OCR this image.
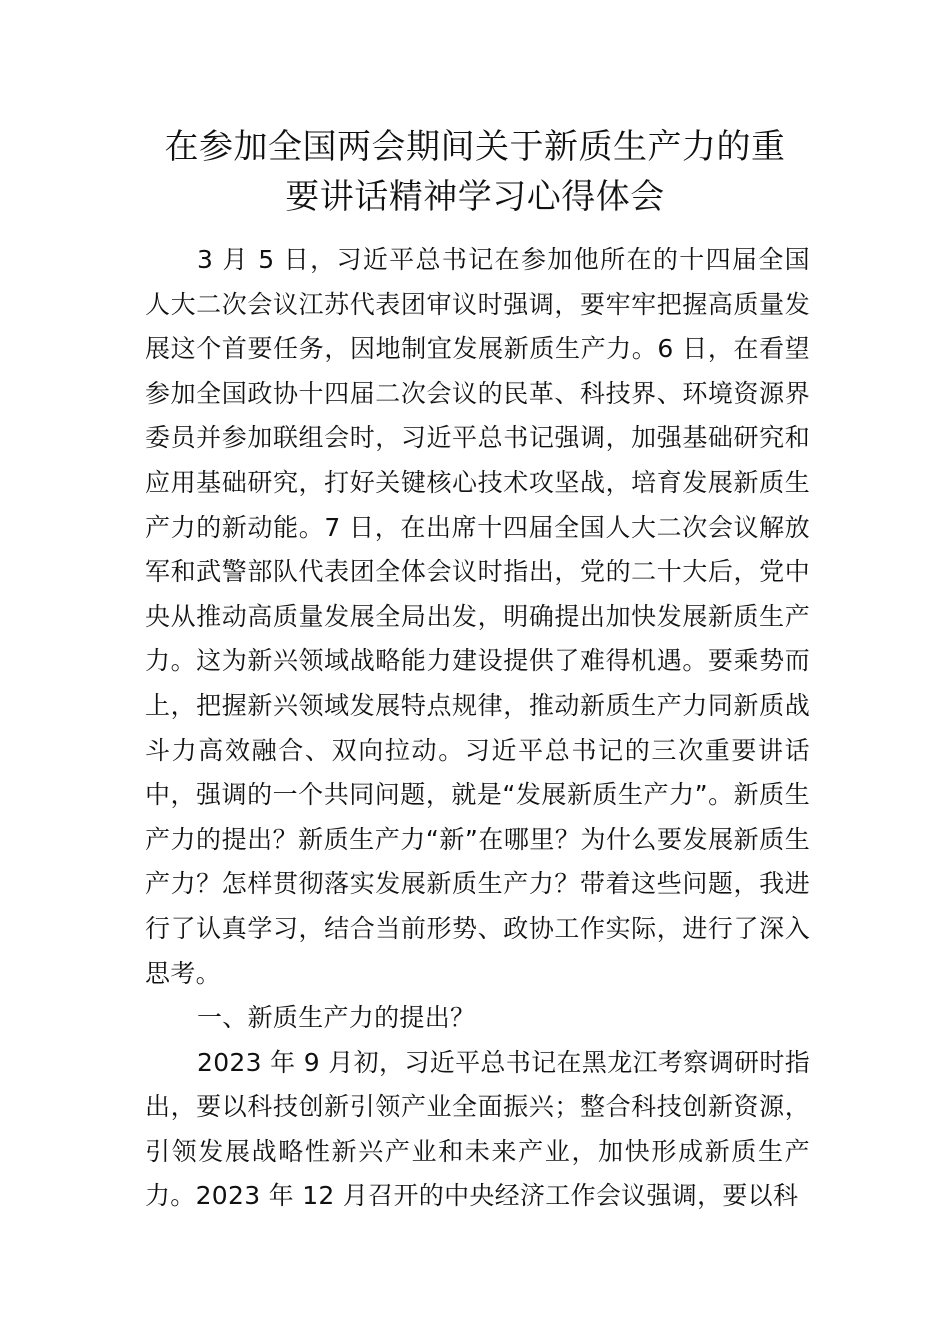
在参加全国两会期间关于新质生产力的重
要讲话精神学习心得体会

3 月 5 日，习近平总书记在参加他所在的十四届全国人大二次会议江苏代表团审议时强调，要牢牢把握高质量发展这个首要任务，因地制宜发展新质生产力。6 日，在看望参加全国政协十四届二次会议的民革、科技界、环境资源界委员并参加联组会时，习近平总书记强调，加强基础研究和应用基础研究，打好关键核心技术攻坚战，培育发展新质生产力的新动能。7 日，在出席十四届全国人大二次会议解放军和武警部队代表团全体会议时指出，党的二十大后，党中央从推动高质量发展全局出发，明确提出加快发展新质生产力。这为新兴领域战略能力建设提供了难得机遇。要乘势而上，把握新兴领域发展特点规律，推动新质生产力同新质战斗力高效融合、双向拉动。习近平总书记的三次重要讲话中，强调的一个共同问题，就是“发展新质生产力”。新质生产力的提出？新质生产力“新”在哪里？为什么要发展新质生产力？怎样贯彻落实发展新质生产力？带着这些问题，我进行了认真学习，结合当前形势、政协工作实际，进行了深入思考。

一、新质生产力的提出？

2023 年 9 月初，习近平总书记在黑龙江考察调研时指出，要以科技创新引领产业全面振兴；整合科技创新资源，引领发展战略性新兴产业和未来产业，加快形成新质生产力。2023 年 12 月召开的中央经济工作会议强调，要以科
